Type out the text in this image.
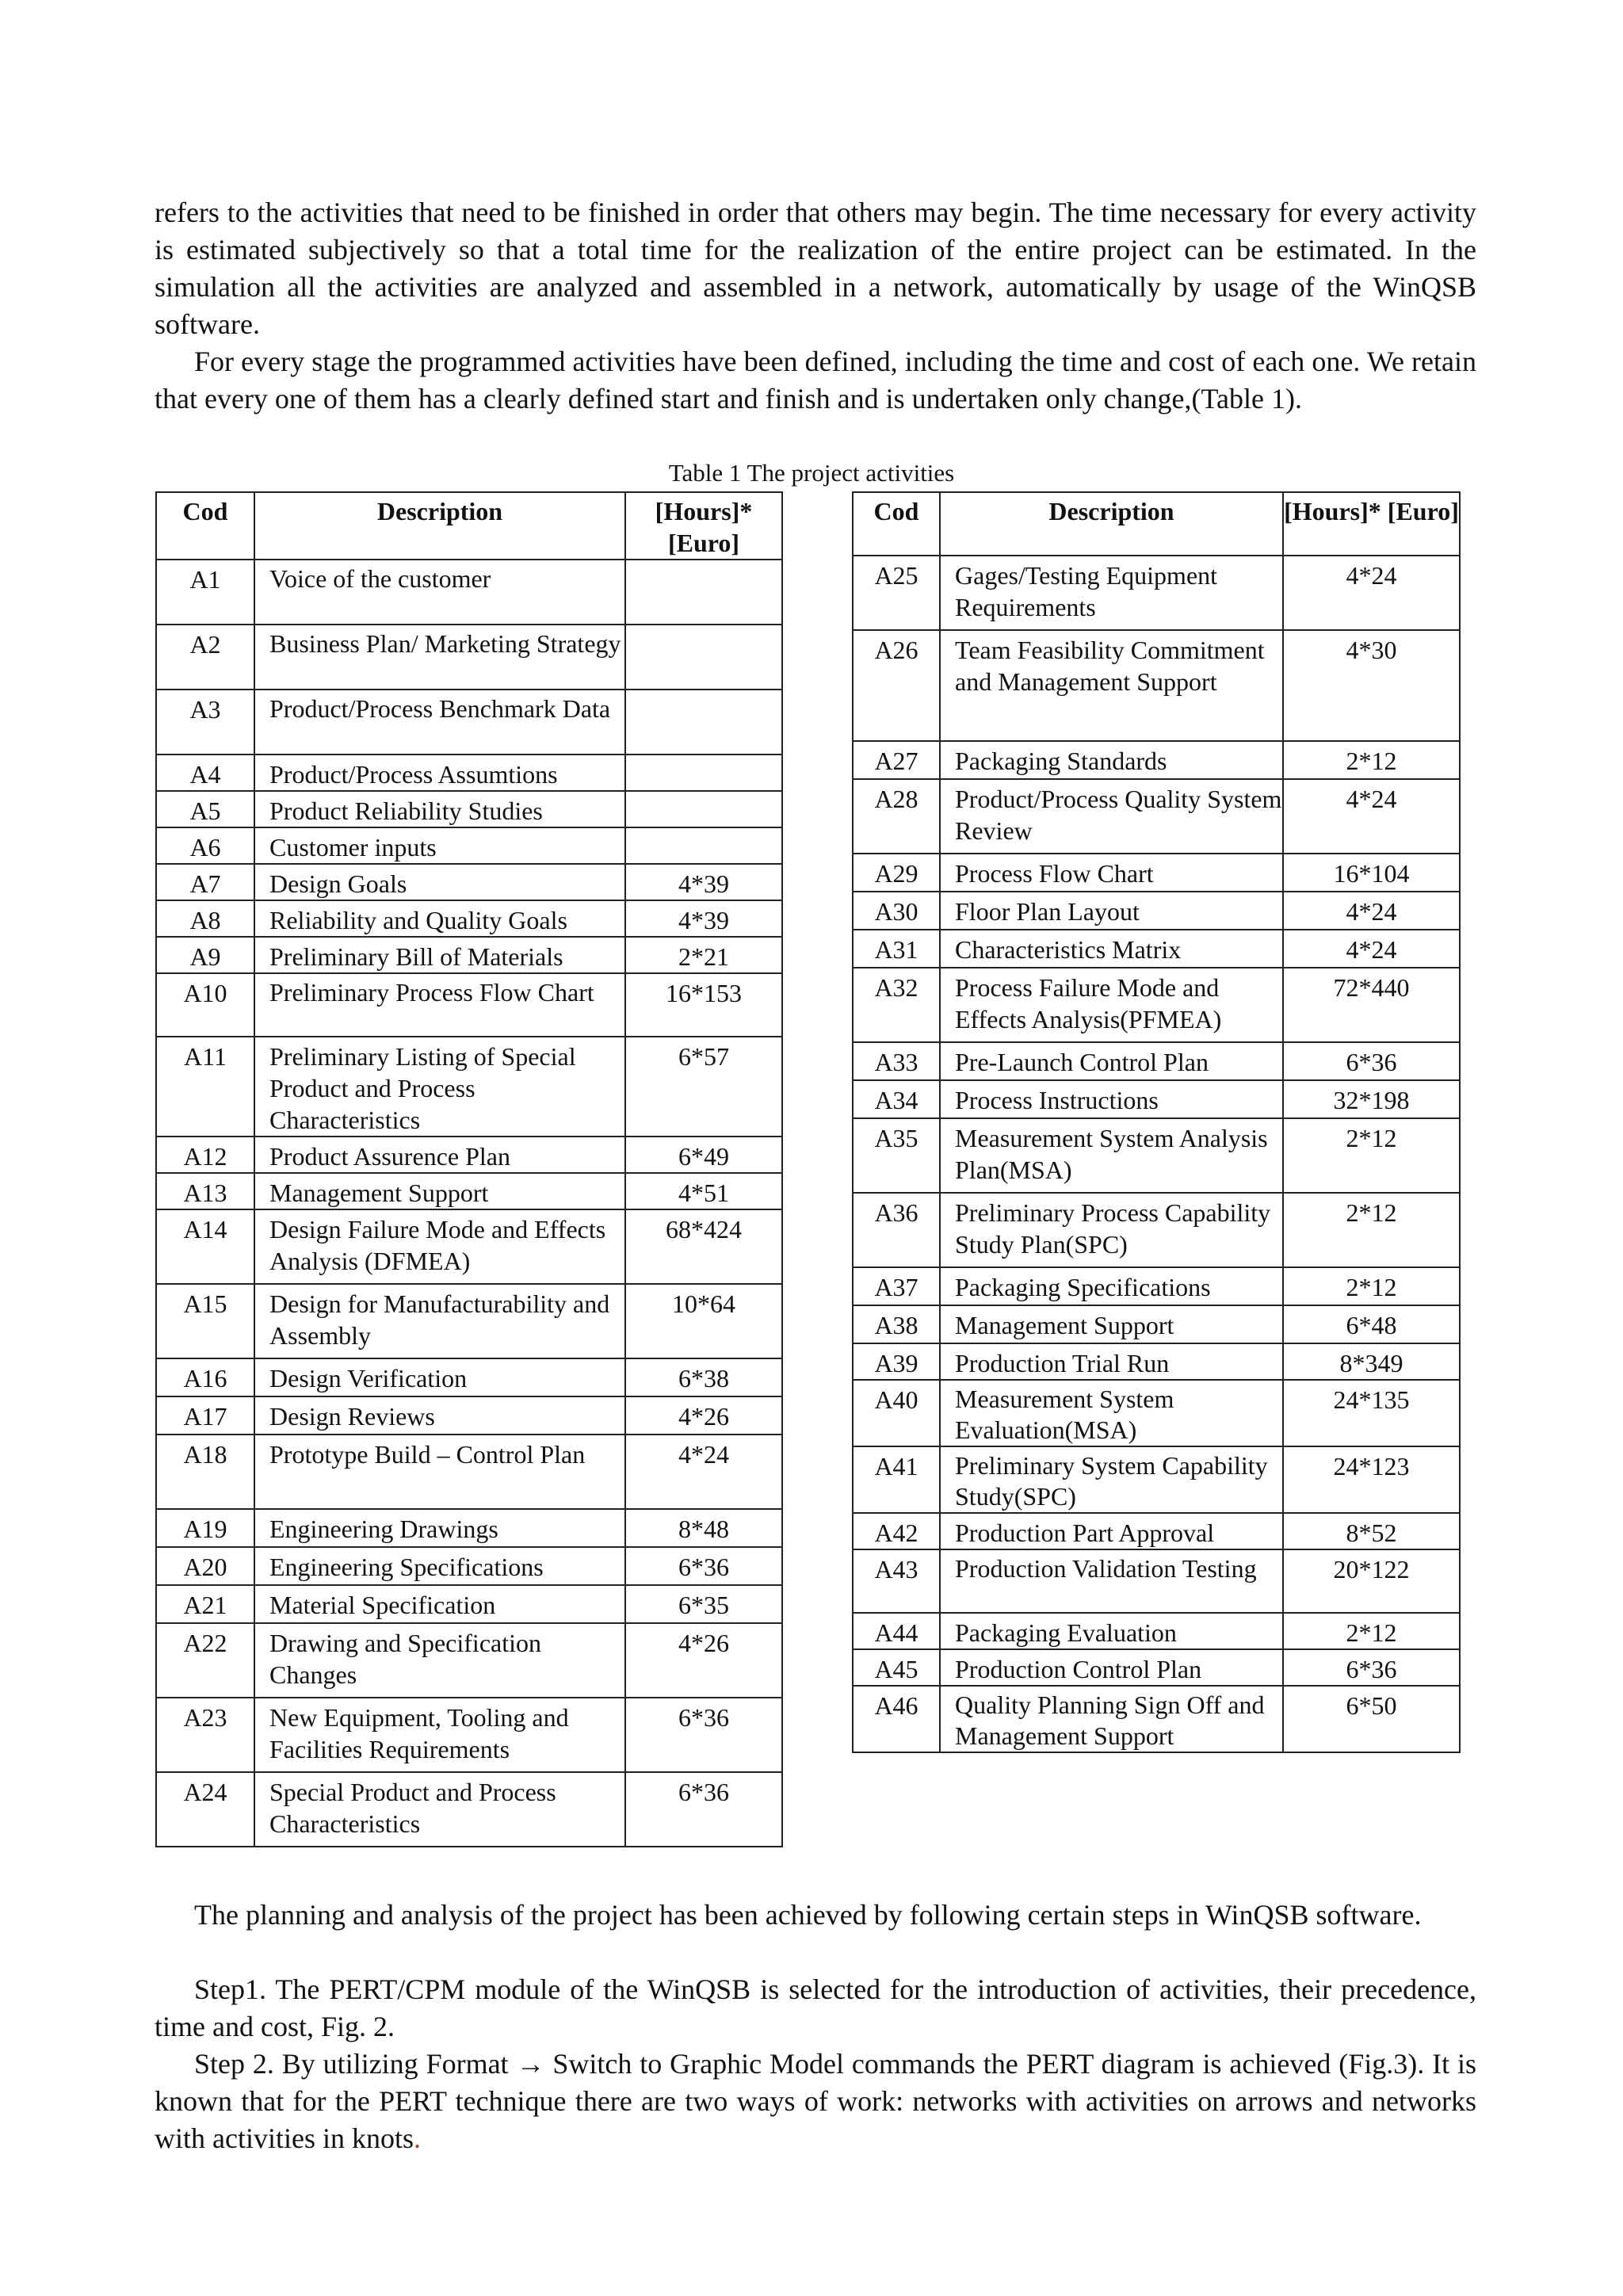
refers to the activities that need to be finished in order that others may begin. The time necessary for every activity is estimated subjectively so that a total time for the realization of the entire project can be estimated. In the simulation all the activities are analyzed and assembled in a network, automatically by usage of the WinQSB software.

For every stage the programmed activities have been defined, including the time and cost of each one. We retain that every one of them has a clearly defined start and finish and is undertaken only change,(Table 1).

Table 1 The project activities

Cod	Description	[Hours]* [Euro]
A1	Voice of the customer	
A2	Business Plan/ Marketing Strategy	
A3	Product/Process Benchmark Data	
A4	Product/Process Assumtions	
A5	Product Reliability Studies	
A6	Customer inputs	
A7	Design Goals	4*39
A8	Reliability and Quality Goals	4*39
A9	Preliminary Bill of Materials	2*21
A10	Preliminary Process Flow Chart	16*153
A11	Preliminary Listing of Special Product and Process Characteristics	6*57
A12	Product Assurence Plan	6*49
A13	Management Support	4*51
A14	Design Failure Mode and Effects Analysis (DFMEA)	68*424
A15	Design for Manufacturability and Assembly	10*64
A16	Design Verification	6*38
A17	Design Reviews	4*26
A18	Prototype Build – Control Plan	4*24
A19	Engineering Drawings	8*48
A20	Engineering Specifications	6*36
A21	Material Specification	6*35
A22	Drawing and Specification Changes	4*26
A23	New Equipment, Tooling and Facilities Requirements	6*36
A24	Special Product and Process Characteristics	6*36
Cod	Description	[Hours]* [Euro]
A25	Gages/Testing Equipment Requirements	4*24
A26	Team Feasibility Commitment and Management Support	4*30
A27	Packaging Standards	2*12
A28	Product/Process Quality System Review	4*24
A29	Process Flow Chart	16*104
A30	Floor Plan Layout	4*24
A31	Characteristics Matrix	4*24
A32	Process Failure Mode and Effects Analysis(PFMEA)	72*440
A33	Pre-Launch Control Plan	6*36
A34	Process Instructions	32*198
A35	Measurement System Analysis Plan(MSA)	2*12
A36	Preliminary Process Capability Study Plan(SPC)	2*12
A37	Packaging Specifications	2*12
A38	Management Support	6*48
A39	Production Trial Run	8*349
A40	Measurement System Evaluation(MSA)	24*135
A41	Preliminary System Capability Study(SPC)	24*123
A42	Production Part Approval	8*52
A43	Production Validation Testing	20*122
A44	Packaging Evaluation	2*12
A45	Production Control Plan	6*36
A46	Quality Planning Sign Off and Management Support	6*50

The planning and analysis of the project has been achieved by following certain steps in WinQSB software.

Step1. The PERT/CPM module of the WinQSB is selected for the introduction of activities, their precedence, time and cost, Fig. 2.

Step 2. By utilizing Format → Switch to Graphic Model commands the PERT diagram is achieved (Fig.3). It is known that for the PERT technique there are two ways of work: networks with activities on arrows and networks with activities in knots.
